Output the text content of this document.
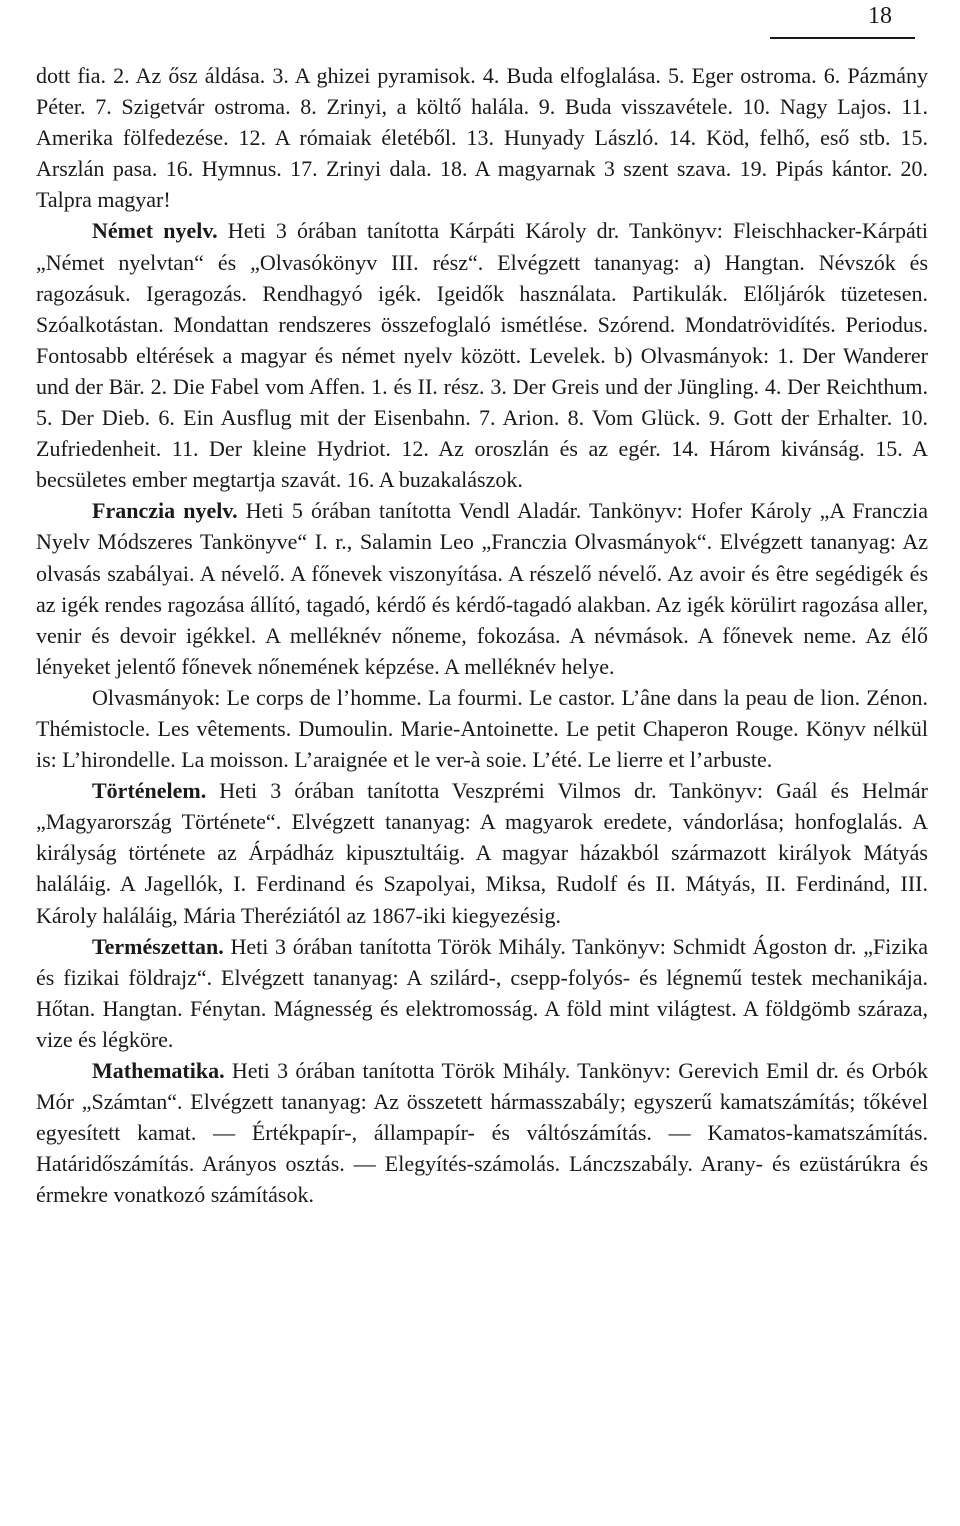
18

dott fia. 2. Az ősz áldása. 3. A ghizei pyramisok. 4. Buda elfoglalása. 5. Eger ostroma. 6. Pázmány Péter. 7. Szigetvár ostroma. 8. Zrinyi, a költő halála. 9. Buda visszavétele. 10. Nagy Lajos. 11. Amerika fölfedezése. 12. A rómaiak életéből. 13. Hunyady László. 14. Köd, felhő, eső stb. 15. Arszlán pasa. 16. Hymnus. 17. Zrinyi dala. 18. A magyarnak 3 szent szava. 19. Pipás kántor. 20. Talpra magyar!

Német nyelv. Heti 3 órában tanította Kárpáti Károly dr. Tankönyv: Fleischhacker-Kárpáti „Német nyelvtan“ és „Olvasókönyv III. rész“. Elvégzett tananyag: a) Hangtan. Névszók és ragozásuk. Igeragozás. Rendhagyó igék. Igeidők használata. Partikulák. Előljárók tüzetesen. Szóalkotástan. Mondattan rendszeres összefoglaló ismétlése. Szórend. Mondatrövidítés. Periodus. Fontosabb eltérések a magyar és német nyelv között. Levelek. b) Olvasmányok: 1. Der Wanderer und der Bär. 2. Die Fabel vom Affen. 1. és II. rész. 3. Der Greis und der Jüngling. 4. Der Reichthum. 5. Der Dieb. 6. Ein Ausflug mit der Eisenbahn. 7. Arion. 8. Vom Glück. 9. Gott der Erhalter. 10. Zufriedenheit. 11. Der kleine Hydriot. 12. Az oroszlán és az egér. 14. Három kivánság. 15. A becsületes ember megtartja szavát. 16. A buzakalászok.

Francziа nyelv. Heti 5 órában tanította Vendl Aladár. Tankönyv: Hofer Károly „A Franczia Nyelv Módszeres Tankönyve“ I. r., Salamin Leo „Franczia Olvasmányok“. Elvégzett tananyag: Az olvasás szabályai. A névelő. A főnevek viszonyítása. A részelő névelő. Az avoir és être segédigék és az igék rendes ragozása állító, tagadó, kérdő és kérdő-tagadó alakban. Az igék körülirt ragozása aller, venir és devoir igékkel. A melléknév nőneme, fokozása. A névmások. A főnevek neme. Az élő lényeket jelentő főnevek nőnemének képzése. A melléknév helye.

Olvasmányok: Le corps de l’homme. La fourmi. Le castor. L’âne dans la peau de lion. Zénon. Thémistocle. Les vêtements. Dumoulin. Marie-Antoinette. Le petit Chaperon Rouge. Könyv nélkül is: L’hirondelle. La moisson. L’araignée et le ver-à soie. L’été. Le lierre et l’arbuste.

Történelem. Heti 3 órában tanította Veszprémi Vilmos dr. Tankönyv: Gaál és Helmár „Magyarország Története“. Elvégzett tananyag: A magyarok eredete, vándorlása; honfoglalás. A királyság története az Árpádház kipusztultáig. A magyar házakból származott királyok Mátyás haláláig. A Jagellók, I. Ferdinand és Szapolyai, Miksa, Rudolf és II. Mátyás, II. Ferdinánd, III. Károly haláláig, Mária Theréziától az 1867-iki kiegyezésig.

Természettan. Heti 3 órában tanította Török Mihály. Tankönyv: Schmidt Ágoston dr. „Fizika és fizikai földrajz“. Elvégzett tananyag: A szilárd-, csepp-folyós- és légnemű testek mechanikája. Hőtan. Hangtan. Fénytan. Mágnesség és elektromosság. A föld mint világtest. A földgömb száraza, vize és légköre.

Mathematika. Heti 3 órában tanította Török Mihály. Tankönyv: Gerevich Emil dr. és Orbók Mór „Számtan“. Elvégzett tananyag: Az összetett hármasszabály; egyszerű kamatszámítás; tőkével egyesített kamat. — Értékpapír-, állampapír- és váltószámítás. — Kamatos-kamatszámítás. Határidőszámítás. Arányos osztás. — Elegyítés-számolás. Lánczszabály. Arany- és ezüstárúkra és érmekre vonatkozó számítások.
